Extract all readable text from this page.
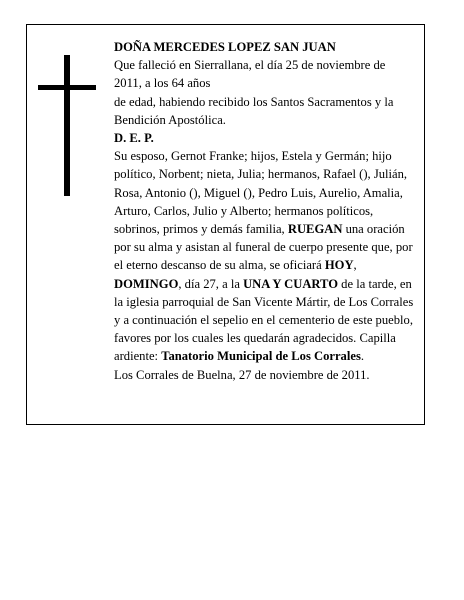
DOÑA MERCEDES LOPEZ SAN JUAN

Que falleció en Sierrallana, el día 25 de noviembre de 2011, a los 64 años

de edad, habiendo recibido los Santos Sacramentos y la Bendición Apostólica.

D. E. P.

Su esposo, Gernot Franke; hijos, Estela y Germán; hijo político, Norbent; nieta, Julia; hermanos, Rafael (), Julián, Rosa, Antonio (), Miguel (), Pedro Luis, Aurelio, Amalia, Arturo, Carlos, Julio y Alberto; hermanos políticos, sobrinos, primos y demás familia, RUEGAN una oración por su alma y asistan al funeral de cuerpo presente que, por el eterno descanso de su alma, se oficiará HOY, DOMINGO, día 27, a la UNA Y CUARTO de la tarde, en la iglesia parroquial de San Vicente Mártir, de Los Corrales y a continuación el sepelio en el cementerio de este pueblo, favores por los cuales les quedarán agradecidos. Capilla ardiente: Tanatorio Municipal de Los Corrales.

Los Corrales de Buelna, 27 de noviembre de 2011.
